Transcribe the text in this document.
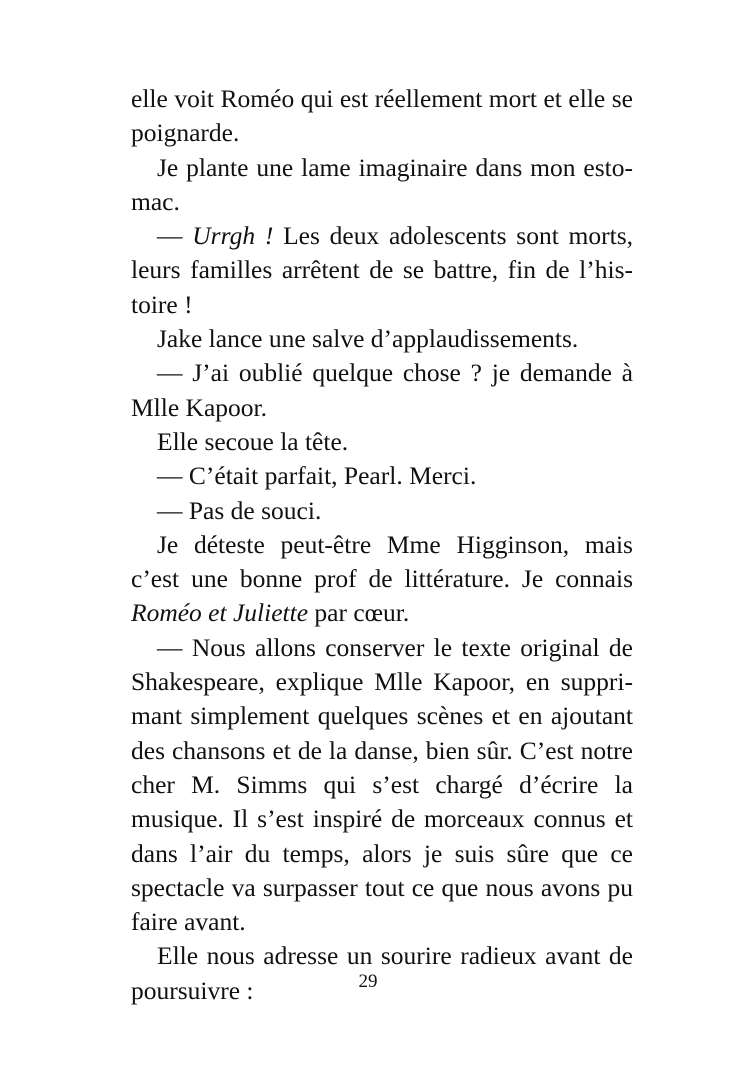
elle voit Roméo qui est réellement mort et elle se poignarde.

Je plante une lame imaginaire dans mon estomac.

— Urrgh ! Les deux adolescents sont morts, leurs familles arrêtent de se battre, fin de l’histoire !

Jake lance une salve d’applaudissements.

— J’ai oublié quelque chose ? je demande à Mlle Kapoor.

Elle secoue la tête.

— C’était parfait, Pearl. Merci.

— Pas de souci.

Je déteste peut-être Mme Higginson, mais c’est une bonne prof de littérature. Je connais Roméo et Juliette par cœur.

— Nous allons conserver le texte original de Shakespeare, explique Mlle Kapoor, en supprimant simplement quelques scènes et en ajoutant des chansons et de la danse, bien sûr. C’est notre cher M. Simms qui s’est chargé d’écrire la musique. Il s’est inspiré de morceaux connus et dans l’air du temps, alors je suis sûre que ce spectacle va surpasser tout ce que nous avons pu faire avant.

Elle nous adresse un sourire radieux avant de poursuivre :	29
